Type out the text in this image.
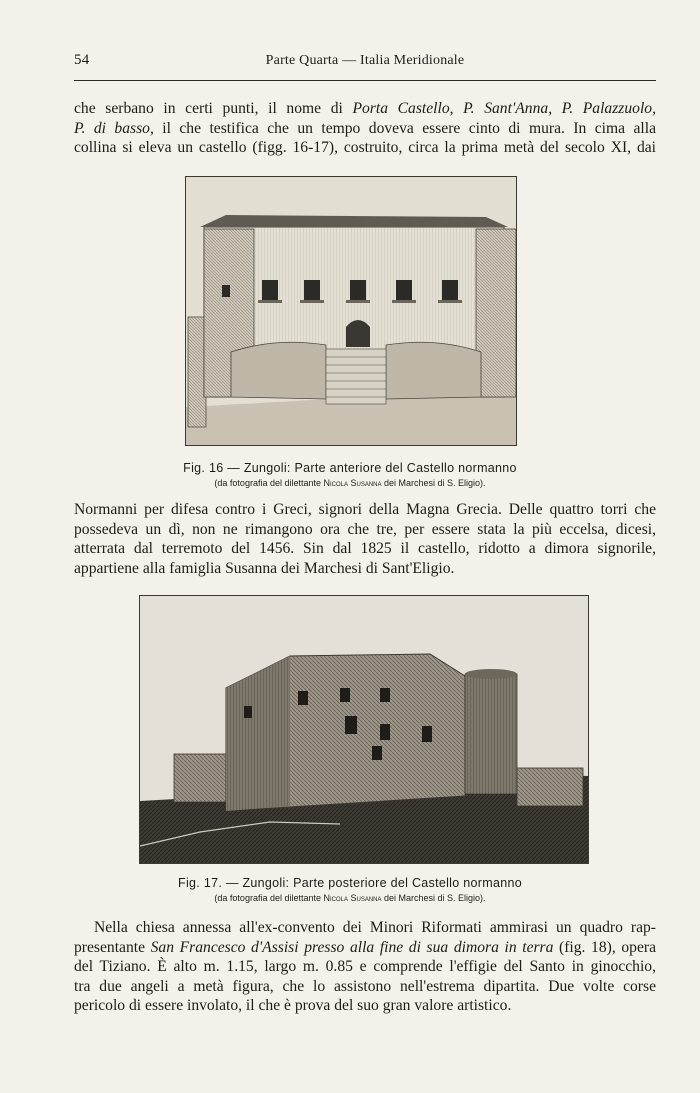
54	Parte Quarta — Italia Meridionale
che serbano in certi punti, il nome di Porta Castello, P. Sant'Anna, P. Palazzuolo,
P. di basso, il che testifica che un tempo doveva essere cinto di mura. In cima alla
collina si eleva un castello (figg. 16-17), costruito, circa la prima metà del secolo XI, dai
Fig. 16 — Zungoli: Parte anteriore del Castello normanno
(da fotografia del dilettante Nicola Susanna dei Marchesi di S. Eligio).
Normanni per difesa contro i Greci, signori della Magna Grecia. Delle quattro torri che
possedeva un dì, non ne rimangono ora che tre, per essere stata la più eccelsa, dicesi,
atterrata dal terremoto del 1456. Sin dal 1825 il castello, ridotto a dimora signorile,
appartiene alla famiglia Susanna dei Marchesi di Sant'Eligio.
Fig. 17. — Zungoli: Parte posteriore del Castello normanno
(da fotografia del dilettante Nicola Susanna dei Marchesi di S. Eligio).
Nella chiesa annessa all'ex-convento dei Minori Riformati ammirasi un quadro rap-
presentante San Francesco d'Assisi presso alla fine di sua dimora in terra (fig. 18), opera
del Tiziano. È alto m. 1.15, largo m. 0.85 e comprende l'effigie del Santo in ginocchio,
tra due angeli a metà figura, che lo assistono nell'estrema dipartita. Due volte corse
pericolo di essere involato, il che è prova del suo gran valore artistico.
